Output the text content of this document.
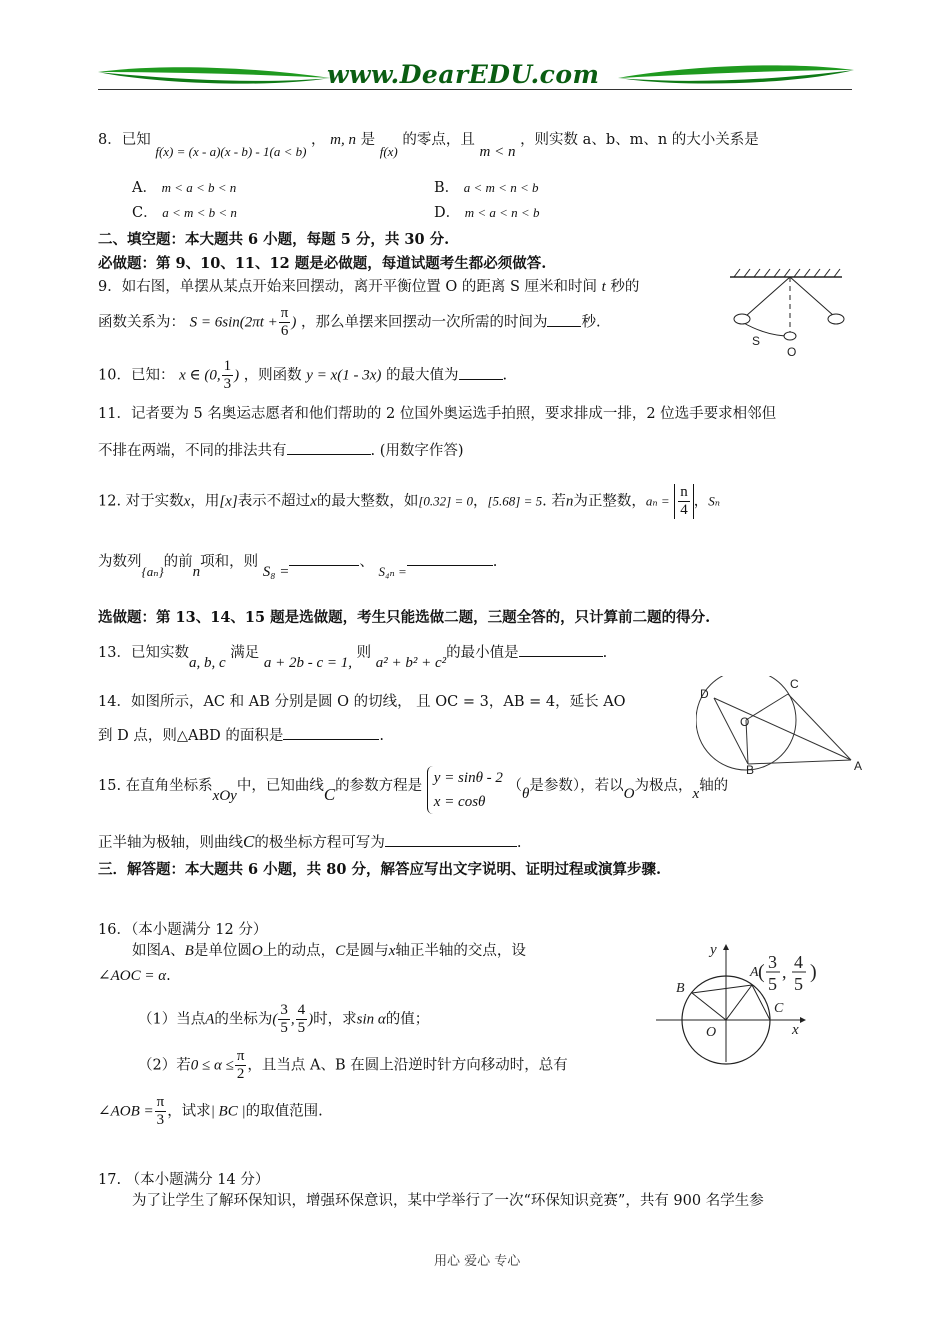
www.DearEDU.com
8．已知 f(x) = (x - a)(x - b) - 1(a < b) ， m, n 是 f(x) 的零点，且 m < n ，则实数 a、b、m、n 的大小关系是
A． m < a < b < n	B． a < m < n < b
C． a < m < b < n	D． m < a < n < b
二、填空题：本大题共 6 小题，每题 5 分，共 30 分.
必做题：第 9、10、11、12 题是必做题，每道试题考生都必须做答.
9．如右图，单摆从某点开始来回摆动，离开平衡位置 O 的距离 S 厘米和时间 t 秒的
函数关系为： $S = 6\sin(2\pi t + \frac{\pi}{6}$ ) ，那么单摆来回摆动一次所需的时间为 秒.
S
O
10．已知： x ∈ (0, $\frac{1}{3}$ ) ，则函数 y = x(1 - 3x) 的最大值为	.
11．记者要为 5 名奥运志愿者和他们帮助的 2 位国外奥运选手拍照，要求排成一排，2 位选手要求相邻但
不排在两端，不同的排法共有	. (用数字作答)
12. 对于实数x，用[x]表示不超过x的最大整数，如[0.32] = 0，[5.68] = 5. 若n为正整数，$a_n = \frac{n}{4}$ ，Sₙ
为数列{aₙ}的前n项和，则 S₈ =、 S₄ₙ =.
选做题：第 13、14、15 题是选做题，考生只能选做二题，三题全答的，只计算前二题的得分.
13．已知实数a, b, c 满足 a + 2b - c = 1, 则 a² + b² + c²的最小值是	.
14．如图所示，AC 和 AB 分别是圆 O 的切线， 且 OC = 3，AB = 4，延长 AO
到 D 点，则△ABD 的面积是	.
D
C
O
B	A
15. 在直角坐标系xOy中，已知曲线C的参数方程是 y = sinθ - 2
x = cosθ
（θ是参数），若以O为极点，x轴的
正半轴为极轴，则曲线C的极坐标方程可写为	.
三．解答题：本大题共 6 小题，共 80 分，解答应写出文字说明、证明过程或演算步骤.
16．（本小题满分 12 分）
如图A、B是单位圆O上的动点，C是圆与x轴正半轴的交点，设
∠AOC = α.
（1）当点A的坐标为( $\frac{3}{5}$ , $\frac{4}{5}$ )时，求sin α的值；
（2）若$0 \le \alpha \le \frac{\pi}{2}$ ，且当点 A、B 在圆上沿逆时针方向移动时，总有
∠AOB = $\frac{\pi}{3}$ ，试求| BC |的取值范围.
y
x
O
B
C
A ( 3
5
, 4
5
)
17. （本小题满分 14 分）
为了让学生了解环保知识，增强环保意识，某中学举行了一次“环保知识竞赛”，共有 900 名学生参
用心 爱心 专心
